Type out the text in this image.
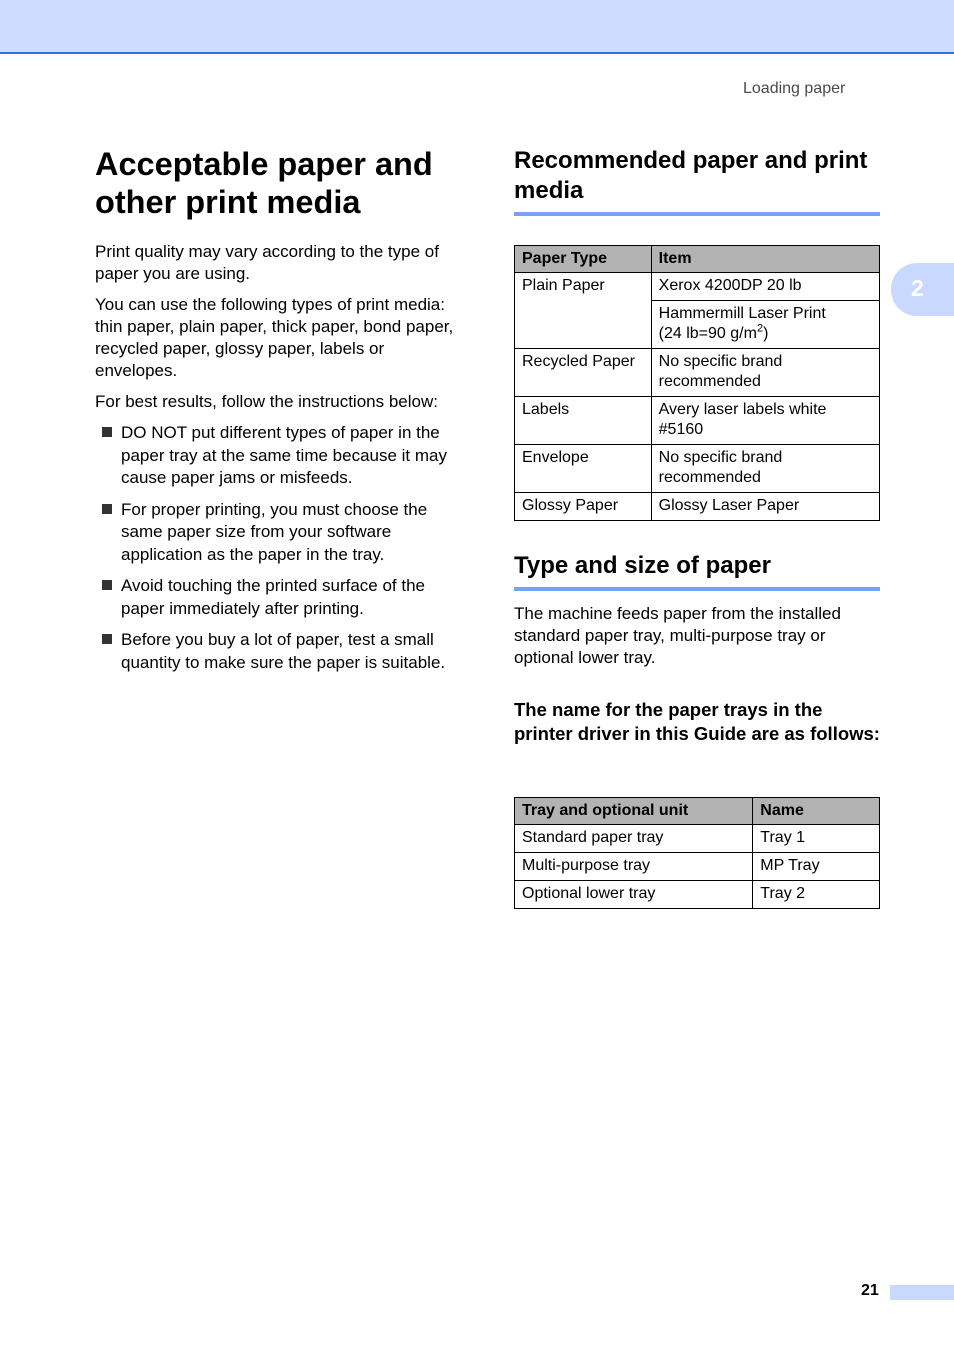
Loading paper
2
Acceptable paper and other print media

Print quality may vary according to the type of paper you are using.

You can use the following types of print media: thin paper, plain paper, thick paper, bond paper, recycled paper, glossy paper, labels or envelopes.

For best results, follow the instructions below:

DO NOT put different types of paper in the paper tray at the same time because it may cause paper jams or misfeeds.
For proper printing, you must choose the same paper size from your software application as the paper in the tray.
Avoid touching the printed surface of the paper immediately after printing.
Before you buy a lot of paper, test a small quantity to make sure the paper is suitable.
Recommended paper and print media
Paper Type	Item
Plain Paper	Xerox 4200DP 20 lb
	Hammermill Laser Print
(24 lb=90 $g/m^2$)
Recycled Paper	No specific brand recommended
Labels	Avery laser labels white #5160
Envelope	No specific brand recommended
Glossy Paper	Glossy Laser Paper
Type and size of paper

The machine feeds paper from the installed standard paper tray, multi-purpose tray or optional lower tray.

The name for the paper trays in the printer driver in this Guide are as follows:
Tray and optional unit	Name
Standard paper tray	Tray 1
Multi-purpose tray	MP Tray
Optional lower tray	Tray 2
21
